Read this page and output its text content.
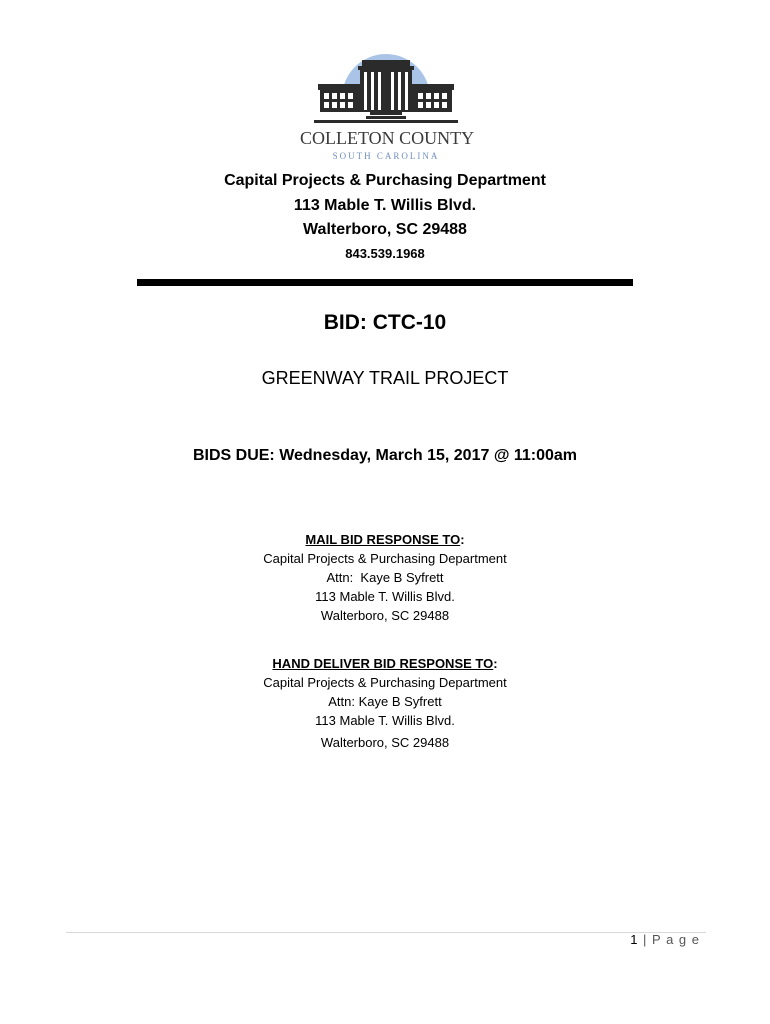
COLLETON COUNTY
SOUTH CAROLINA
Capital Projects & Purchasing Department
113 Mable T. Willis Blvd.
Walterboro, SC 29488
843.539.1968
BID: CTC-10
GREENWAY TRAIL PROJECT
BIDS DUE: Wednesday, March 15, 2017 @ 11:00am
MAIL BID RESPONSE TO:
Capital Projects & Purchasing Department
Attn:  Kaye B Syfrett
113 Mable T. Willis Blvd.
Walterboro, SC 29488
HAND DELIVER BID RESPONSE TO:
Capital Projects & Purchasing Department
Attn: Kaye B Syfrett
113 Mable T. Willis Blvd.
Walterboro, SC 29488
1 | P a g e
